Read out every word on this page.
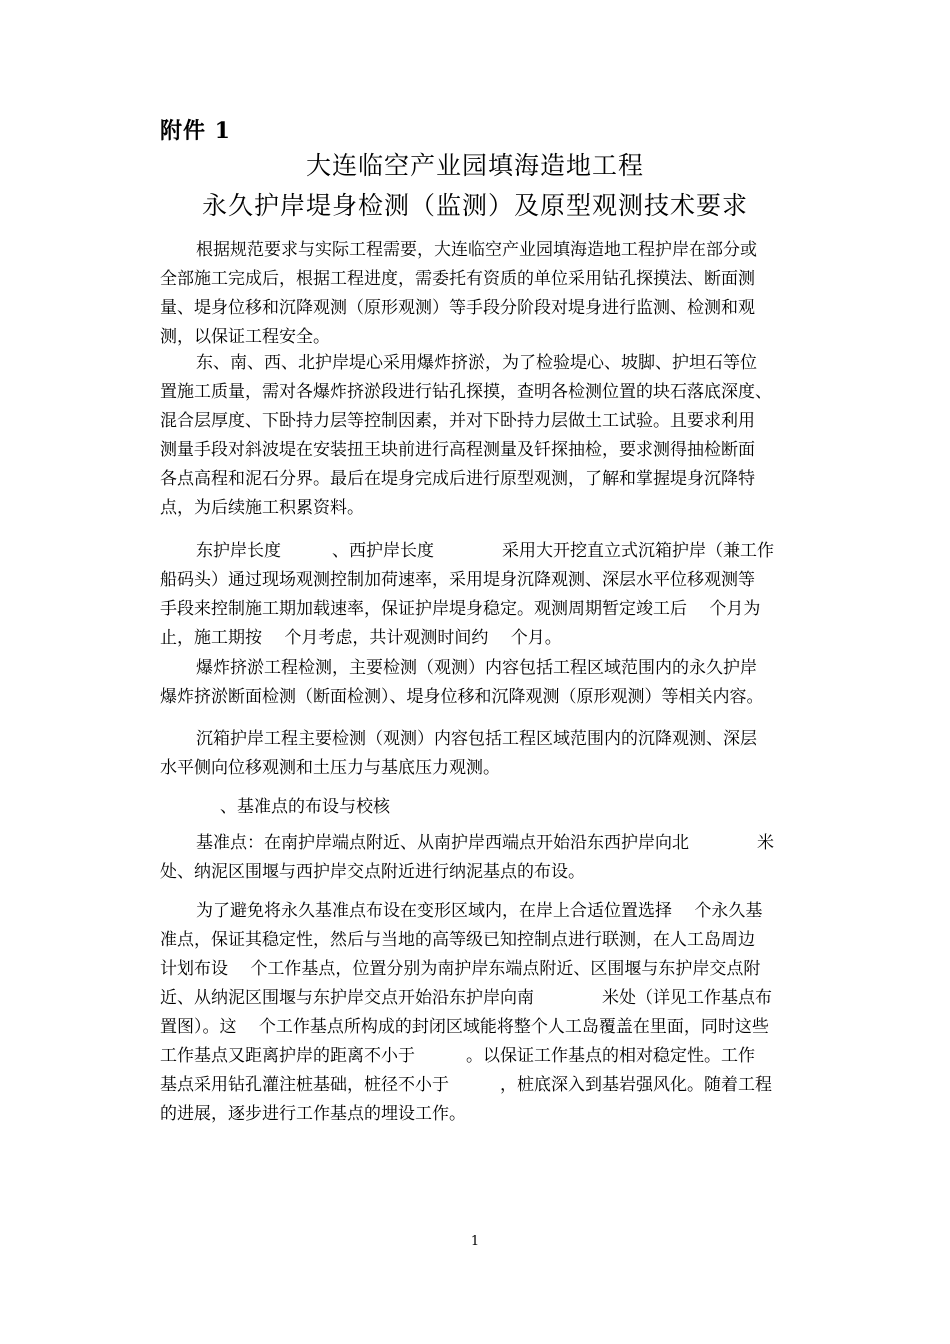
附件 1
大连临空产业园填海造地工程
永久护岸堤身检测（监测）及原型观测技术要求
根据规范要求与实际工程需要，大连临空产业园填海造地工程护岸在部分或
全部施工完成后，根据工程进度，需委托有资质的单位采用钻孔探摸法、断面测
量、堤身位移和沉降观测（原形观测）等手段分阶段对堤身进行监测、检测和观
测，以保证工程安全。
东、南、西、北护岸堤心采用爆炸挤淤，为了检验堤心、坡脚、护坦石等位
置施工质量，需对各爆炸挤淤段进行钻孔探摸，查明各检测位置的块石落底深度、
混合层厚度、下卧持力层等控制因素，并对下卧持力层做土工试验。且要求利用
测量手段对斜波堤在安装扭王块前进行高程测量及钎探抽检，要求测得抽检断面
各点高程和泥石分界。最后在堤身完成后进行原型观测，了解和掌握堤身沉降特
点，为后续施工积累资料。
东护岸长度　　　、西护岸长度　　　　采用大开挖直立式沉箱护岸（兼工作
船码头）通过现场观测控制加荷速率，采用堤身沉降观测、深层水平位移观测等
手段来控制施工期加载速率，保证护岸堤身稳定。观测周期暂定竣工后　 个月为
止，施工期按　 个月考虑，共计观测时间约　 个月。
爆炸挤淤工程检测，主要检测（观测）内容包括工程区域范围内的永久护岸
爆炸挤淤断面检测（断面检测）、堤身位移和沉降观测（原形观测）等相关内容。
沉箱护岸工程主要检测（观测）内容包括工程区域范围内的沉降观测、深层
水平侧向位移观测和土压力与基底压力观测。
、基准点的布设与校核
基准点：在南护岸端点附近、从南护岸西端点开始沿东西护岸向北　　　　米
处、纳泥区围堰与西护岸交点附近进行纳泥基点的布设。
为了避免将永久基准点布设在变形区域内，在岸上合适位置选择　 个永久基
准点，保证其稳定性，然后与当地的高等级已知控制点进行联测，在人工岛周边
计划布设　 个工作基点，位置分别为南护岸东端点附近、区围堰与东护岸交点附
近、从纳泥区围堰与东护岸交点开始沿东护岸向南　　　　米处（详见工作基点布
置图）。这　 个工作基点所构成的封闭区域能将整个人工岛覆盖在里面，同时这些
工作基点又距离护岸的距离不小于　　　。以保证工作基点的相对稳定性。工作
基点采用钻孔灌注桩基础，桩径不小于　　　，桩底深入到基岩强风化。随着工程
的进展，逐步进行工作基点的埋设工作。
1
